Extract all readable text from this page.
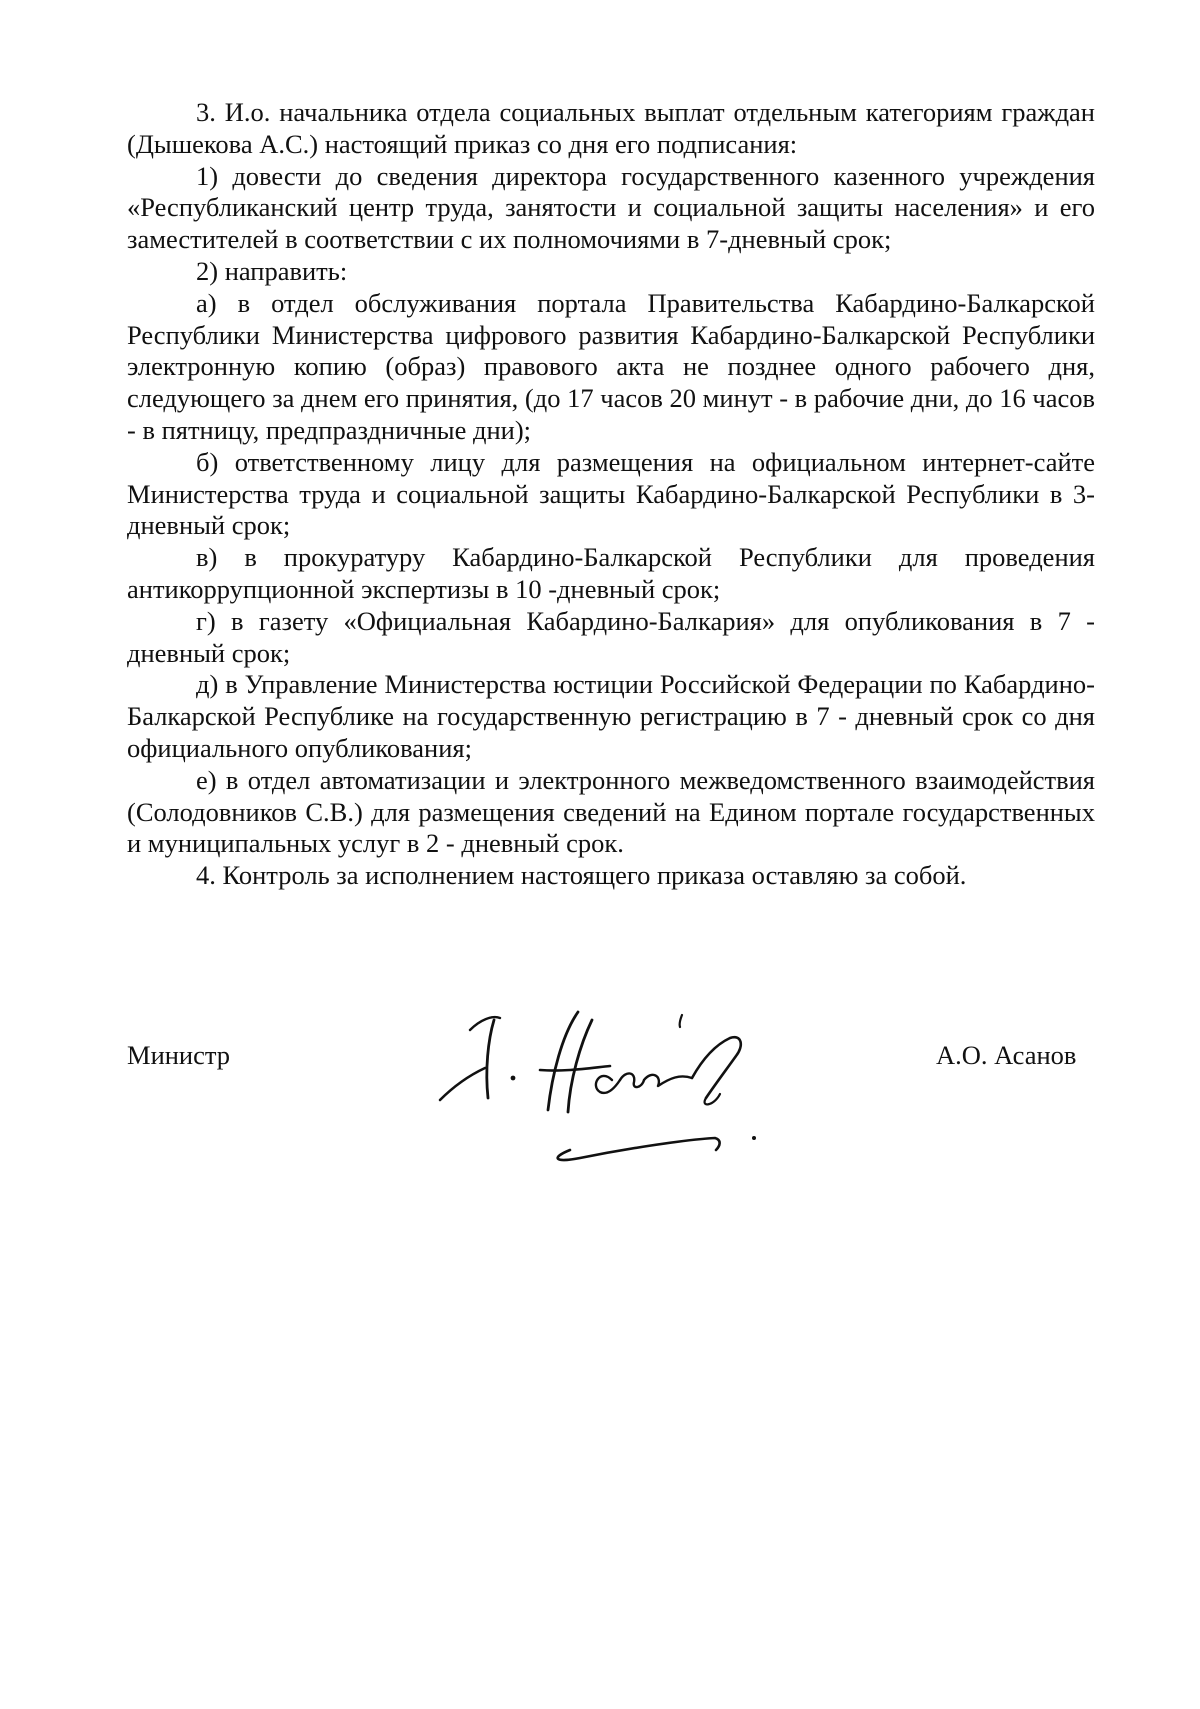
3. И.о. начальника отдела социальных выплат отдельным категориям граждан (Дышекова А.С.) настоящий приказ со дня его подписания:

1) довести до сведения директора государственного казенного учреждения «Республиканский центр труда, занятости и социальной защиты населения» и его заместителей в соответствии с их полномочиями в 7-дневный срок;

2) направить:

а) в отдел обслуживания портала Правительства Кабардино-Балкарской Республики Министерства цифрового развития Кабардино-Балкарской Республики электронную копию (образ) правового акта не позднее одного рабочего дня, следующего за днем его принятия, (до 17 часов 20 минут - в рабочие дни, до 16 часов - в пятницу, предпраздничные дни);

б) ответственному лицу для размещения на официальном интернет-сайте Министерства труда и социальной защиты Кабардино-Балкарской Республики в 3-дневный срок;

в) в прокуратуру Кабардино-Балкарской Республики для проведения антикоррупционной экспертизы в 10 -дневный срок;

г) в газету «Официальная Кабардино-Балкария» для опубликования в 7 - дневный срок;

д) в Управление Министерства юстиции Российской Федерации по Кабардино-Балкарской Республике на государственную регистрацию в 7 - дневный срок со дня официального опубликования;

е) в отдел автоматизации и электронного межведомственного взаимодействия (Солодовников С.В.) для размещения сведений на Едином портале государственных и муниципальных услуг в 2 - дневный срок.

4. Контроль за исполнением настоящего приказа оставляю за собой.

Министр	А.О. Асанов
